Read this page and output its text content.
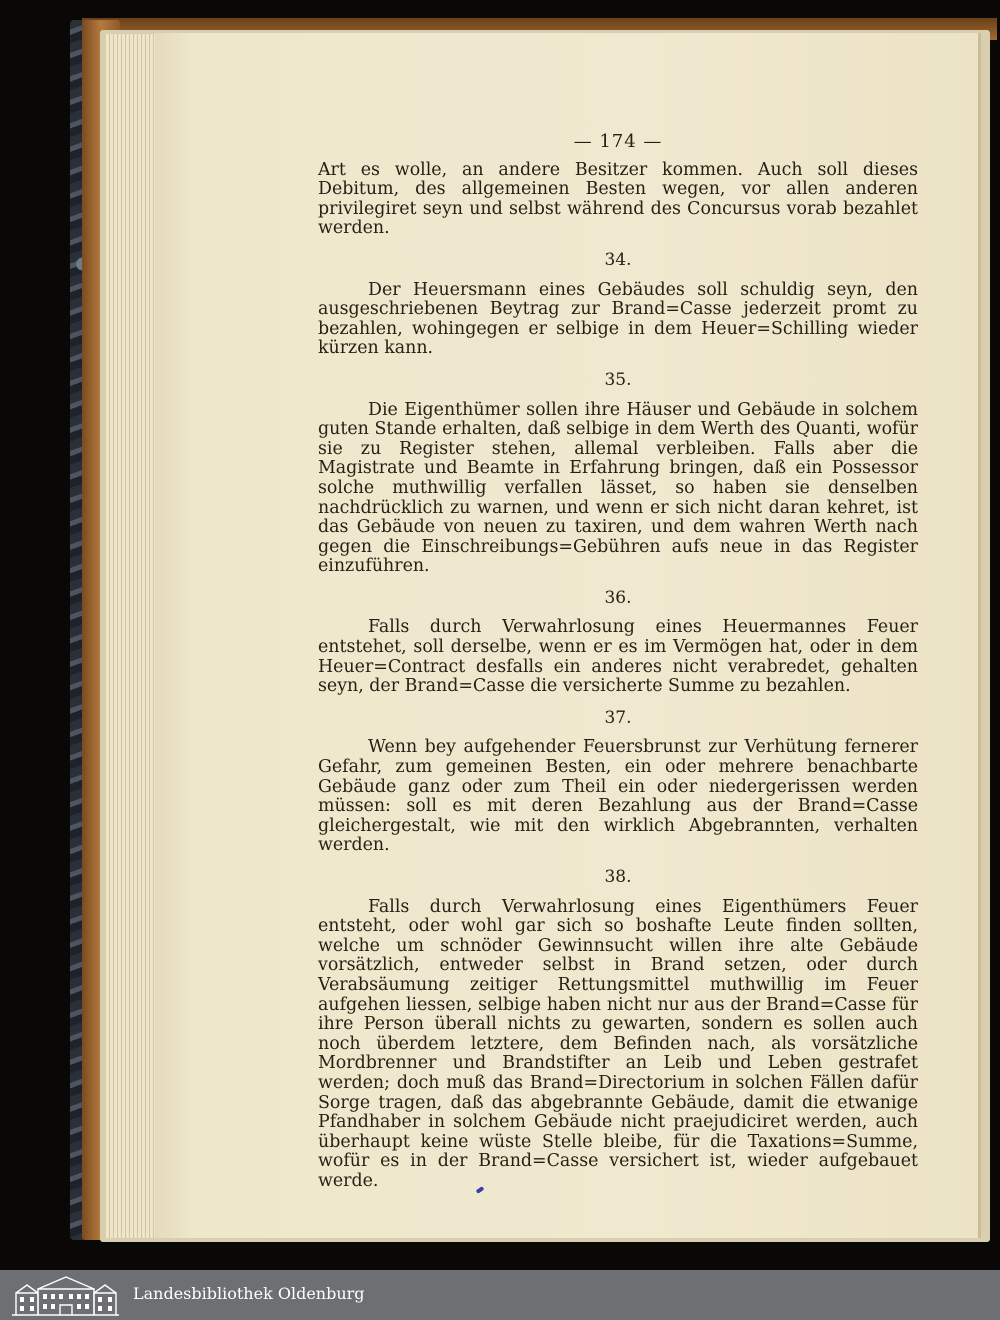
— 174 —

Art es wolle, an andere Besitzer kommen. Auch soll dieses Debitum, des allgemeinen Besten wegen, vor allen anderen privilegiret seyn und selbst während des Concursus vorab bezahlet werden.

34.

Der Heuersmann eines Gebäudes soll schuldig seyn, den ausgeschriebenen Beytrag zur Brand=Casse jederzeit promt zu bezahlen, wohingegen er selbige in dem Heuer=Schilling wieder kürzen kann.

35.

Die Eigenthümer sollen ihre Häuser und Gebäude in solchem guten Stande erhalten, daß selbige in dem Werth des Quanti, wofür sie zu Register stehen, allemal verbleiben. Falls aber die Magistrate und Beamte in Erfahrung bringen, daß ein Possessor solche muthwillig verfallen lässet, so haben sie denselben nachdrücklich zu warnen, und wenn er sich nicht daran kehret, ist das Gebäude von neuen zu taxiren, und dem wahren Werth nach gegen die Einschreibungs=Gebühren aufs neue in das Register einzuführen.

36.

Falls durch Verwahrlosung eines Heuermannes Feuer entstehet, soll derselbe, wenn er es im Vermögen hat, oder in dem Heuer=Contract desfalls ein anderes nicht verabredet, gehalten seyn, der Brand=Casse die versicherte Summe zu bezahlen.

37.

Wenn bey aufgehender Feuersbrunst zur Verhütung fernerer Gefahr, zum gemeinen Besten, ein oder mehrere benachbarte Gebäude ganz oder zum Theil ein oder niedergerissen werden müssen: soll es mit deren Bezahlung aus der Brand=Casse gleichergestalt, wie mit den wirklich Abgebrannten, verhalten werden.

38.

Falls durch Verwahrlosung eines Eigenthümers Feuer entsteht, oder wohl gar sich so boshafte Leute finden sollten, welche um schnöder Gewinnsucht willen ihre alte Gebäude vorsätzlich, entweder selbst in Brand setzen, oder durch Verabsäumung zeitiger Rettungsmittel muthwillig im Feuer aufgehen liessen, selbige haben nicht nur aus der Brand=Casse für ihre Person überall nichts zu gewarten, sondern es sollen auch noch überdem letztere, dem Befinden nach, als vorsätzliche Mordbrenner und Brandstifter an Leib und Leben gestrafet werden; doch muß das Brand=Directorium in solchen Fällen dafür Sorge tragen, daß das abgebrannte Gebäude, damit die etwanige Pfandhaber in solchem Gebäude nicht praejudiciret werden, auch überhaupt keine wüste Stelle bleibe, für die Taxations=Summe, wofür es in der Brand=Casse versichert ist, wieder aufgebauet werde.

Landesbibliothek Oldenburg
